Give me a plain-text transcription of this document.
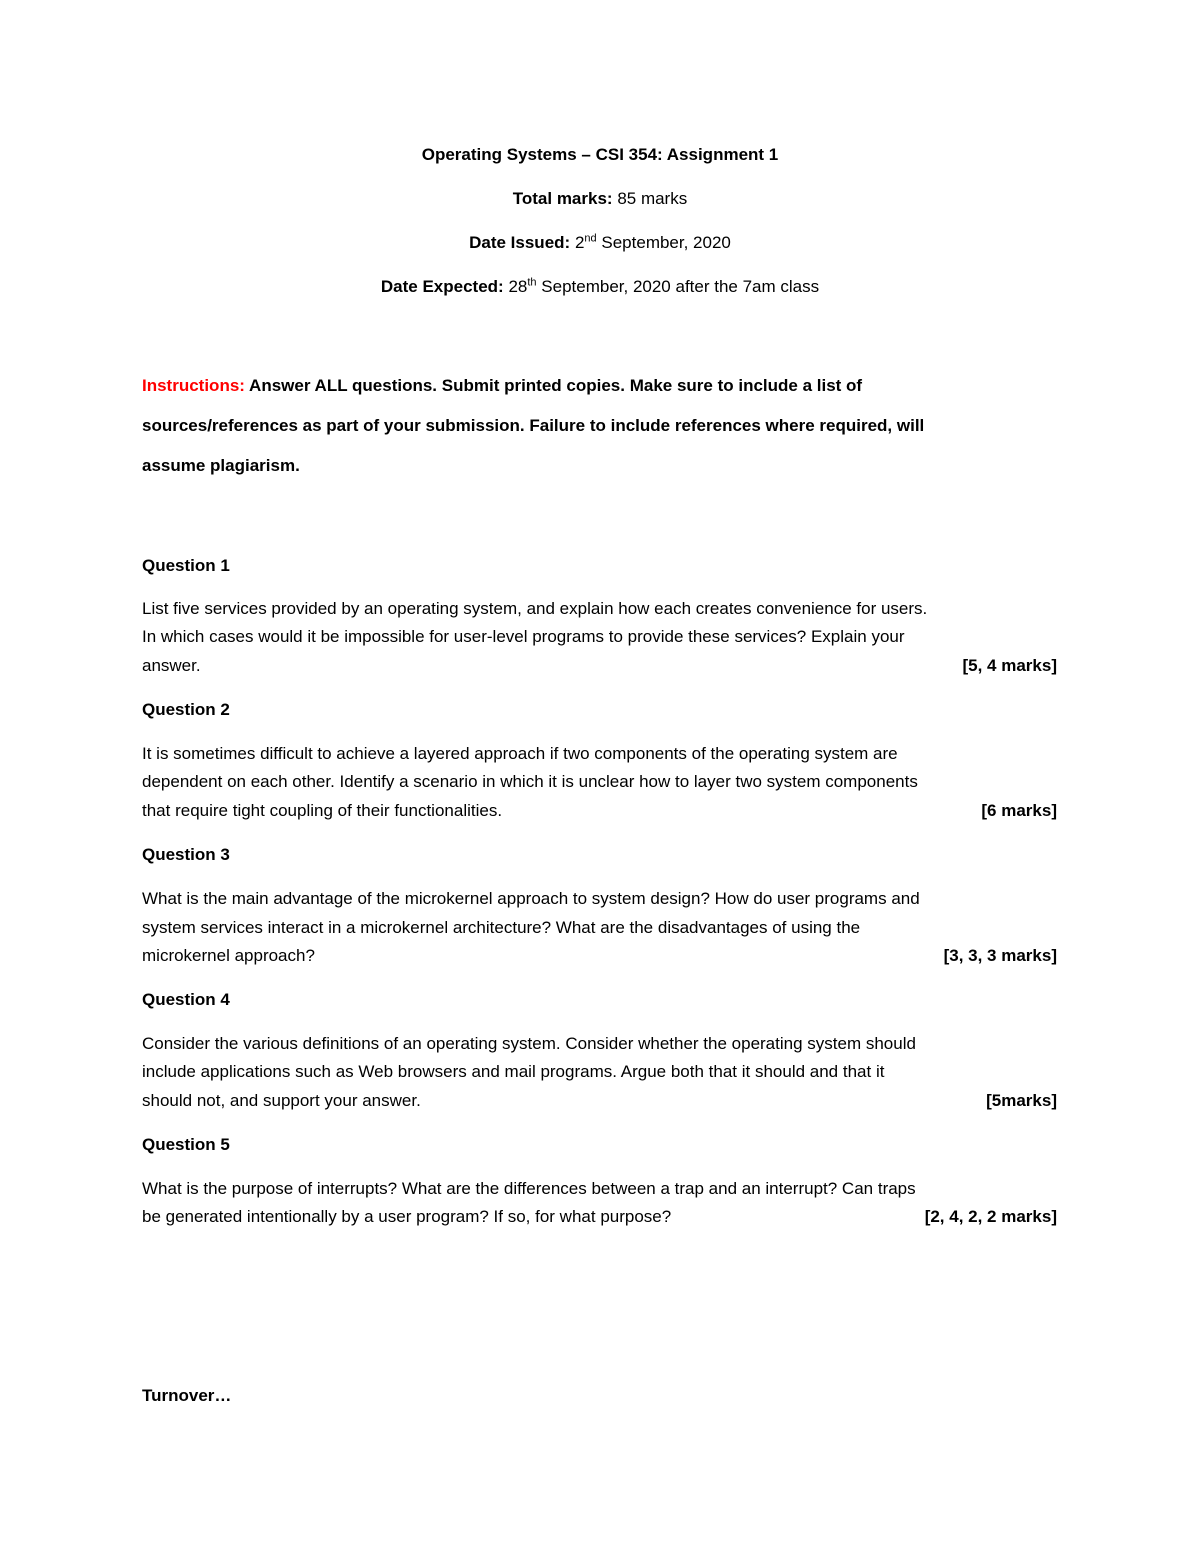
Operating Systems – CSI 354: Assignment 1
Total marks: 85 marks
Date Issued: 2nd September, 2020
Date Expected: 28th September, 2020 after the 7am class
Instructions: Answer ALL questions. Submit printed copies. Make sure to include a list of
sources/references as part of your submission. Failure to include references where required, will
assume plagiarism.
Question 1
List five services provided by an operating system, and explain how each creates convenience for users.
In which cases would it be impossible for user-level programs to provide these services? Explain your
answer.	[5, 4 marks]
Question 2
It is sometimes difficult to achieve a layered approach if two components of the operating system are
dependent on each other. Identify a scenario in which it is unclear how to layer two system components
that require tight coupling of their functionalities.	[6 marks]
Question 3
What is the main advantage of the microkernel approach to system design? How do user programs and
system services interact in a microkernel architecture? What are the disadvantages of using the
microkernel approach?	[3, 3, 3 marks]
Question 4
Consider the various definitions of an operating system. Consider whether the operating system should
include applications such as Web browsers and mail programs. Argue both that it should and that it
should not, and support your answer.	[5marks]
Question 5
What is the purpose of interrupts? What are the differences between a trap and an interrupt? Can traps
be generated intentionally by a user program? If so, for what purpose?	[2, 4, 2, 2 marks]
Turnover…
